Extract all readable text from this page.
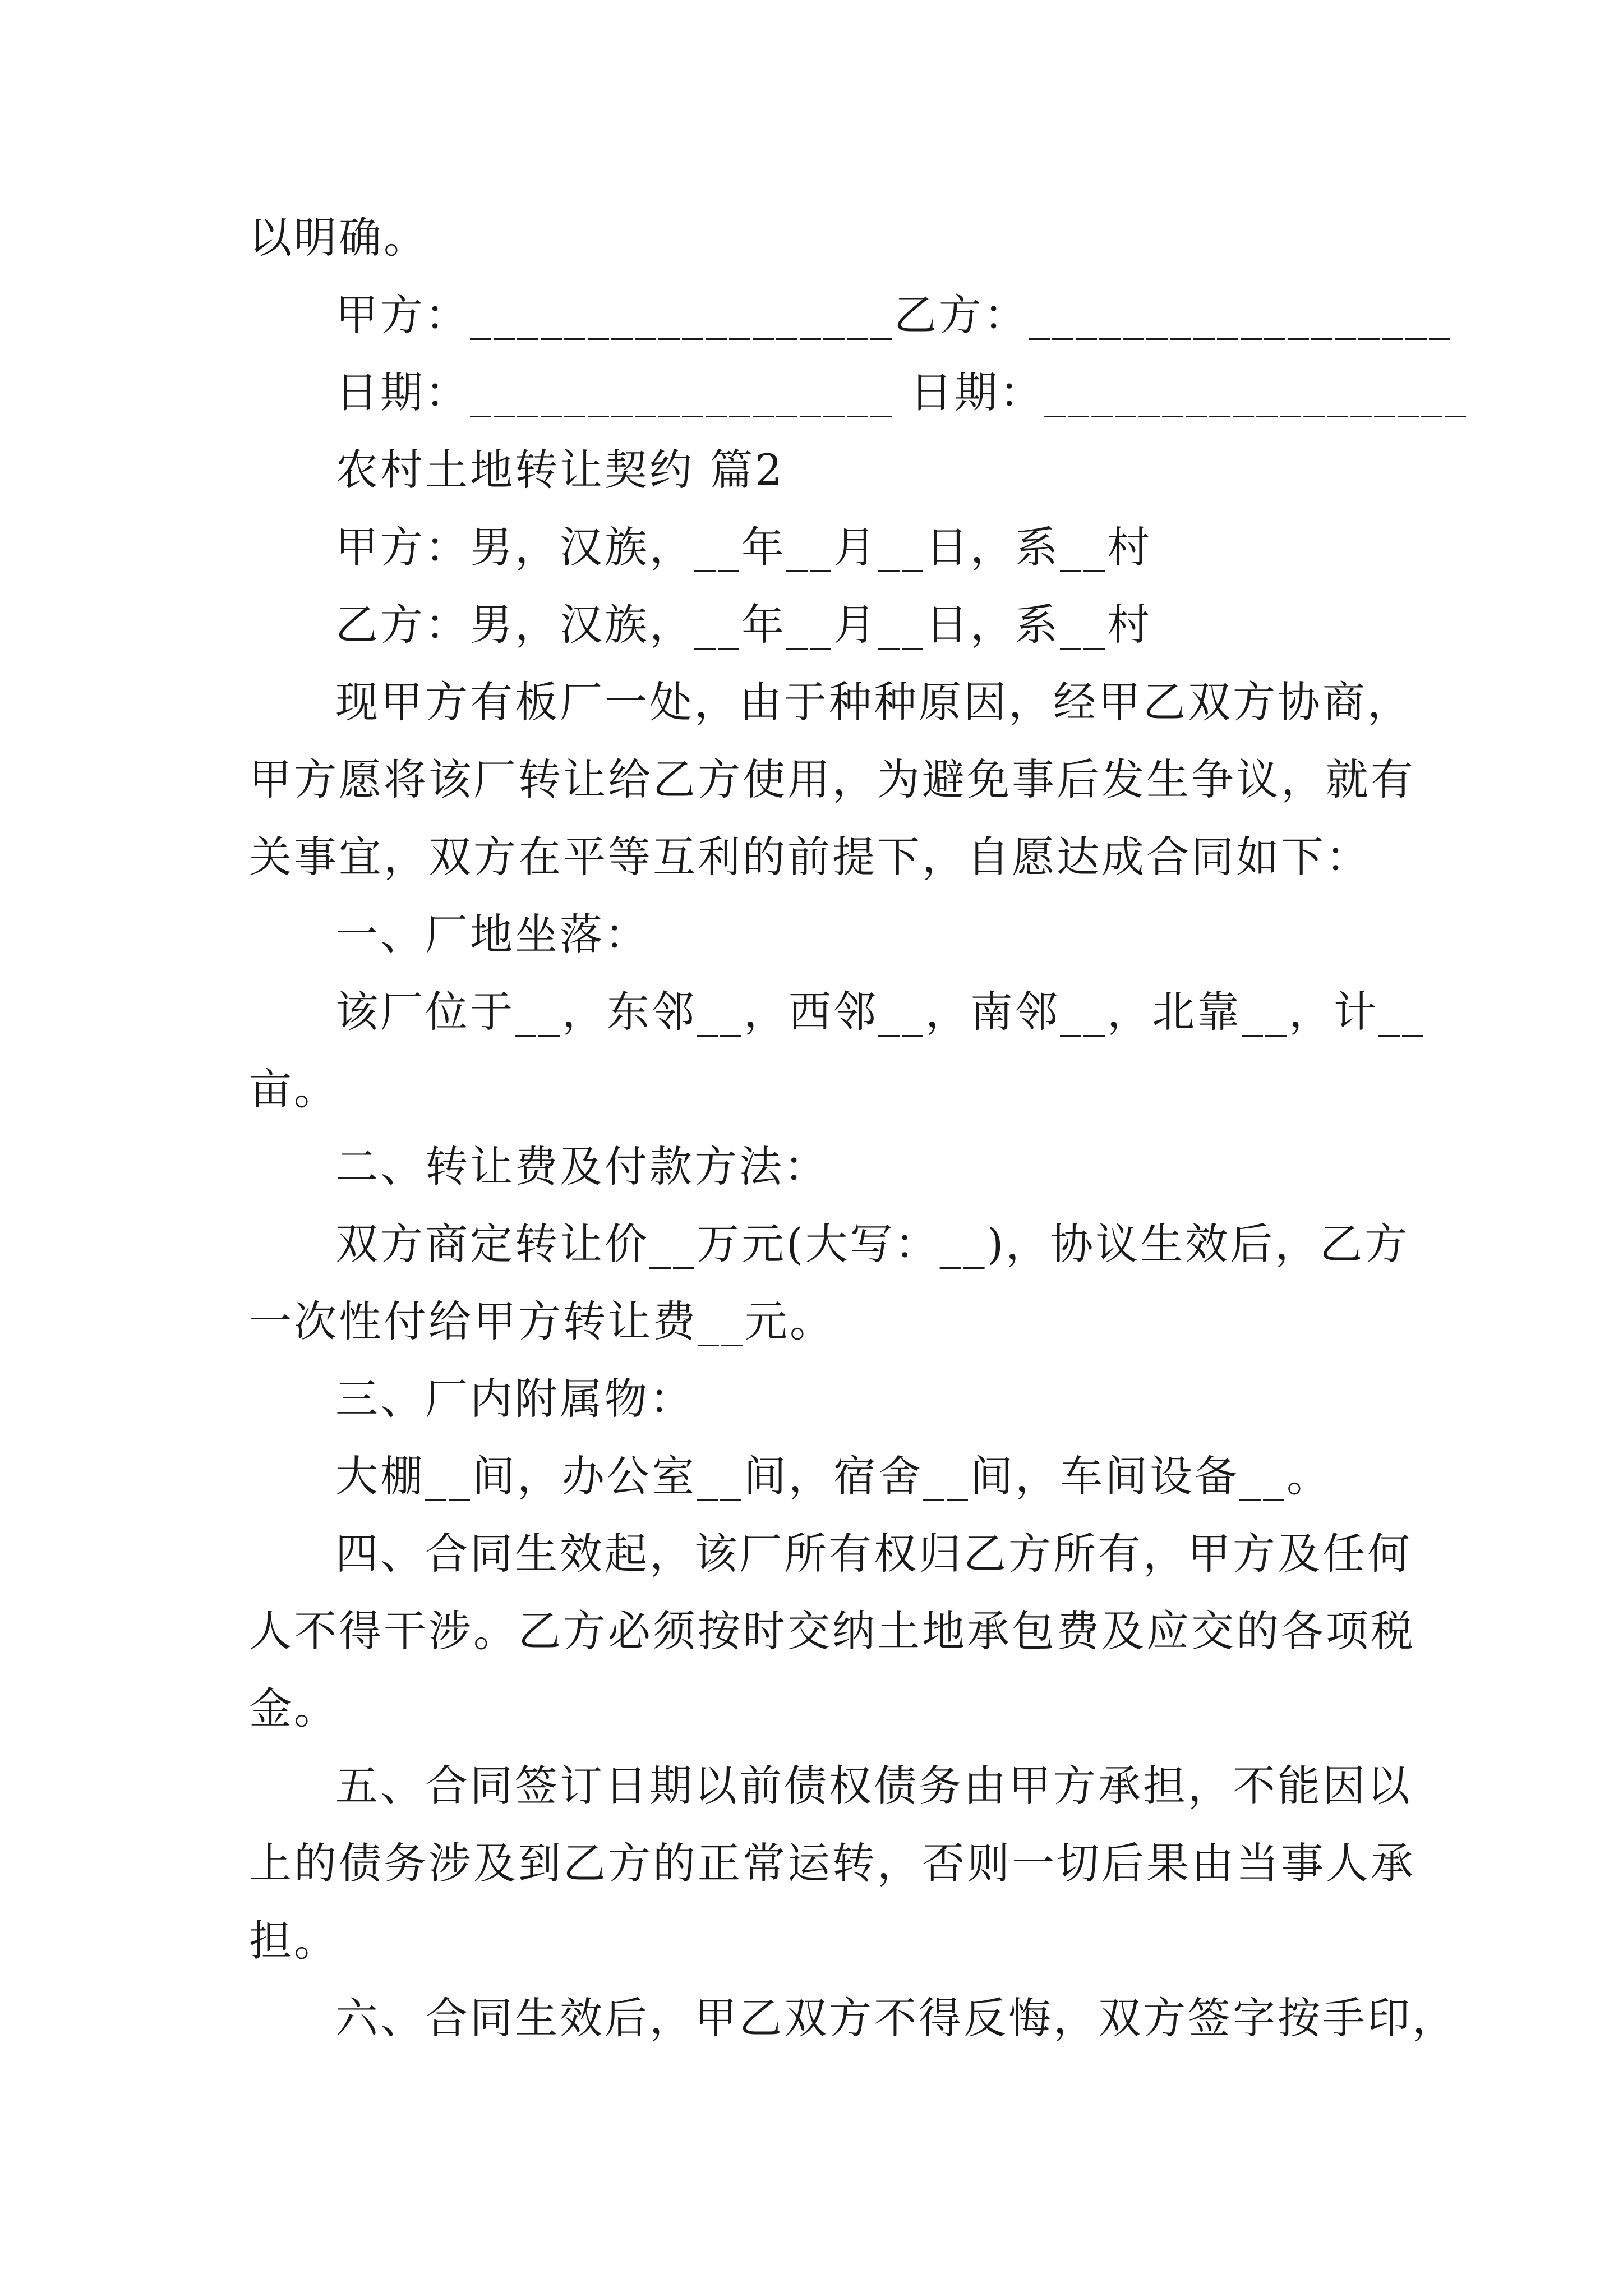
以明确。
甲方：__________________乙方：__________________
日期：__________________ 日期：__________________
农村土地转让契约 篇2
甲方：男，汉族，__年__月__日，系__村
乙方：男，汉族，__年__月__日，系__村
现甲方有板厂一处，由于种种原因，经甲乙双方协商，
甲方愿将该厂转让给乙方使用，为避免事后发生争议，就有
关事宜，双方在平等互利的前提下，自愿达成合同如下：
一、厂地坐落：
该厂位于__，东邻__，西邻__，南邻__，北靠__，计__
亩。
二、转让费及付款方法：
双方商定转让价__万元(大写：__)，协议生效后，乙方
一次性付给甲方转让费__元。
三、厂内附属物：
大棚__间，办公室__间，宿舍__间，车间设备__。
四、合同生效起，该厂所有权归乙方所有，甲方及任何
人不得干涉。乙方必须按时交纳土地承包费及应交的各项税
金。
五、合同签订日期以前债权债务由甲方承担，不能因以
上的债务涉及到乙方的正常运转，否则一切后果由当事人承
担。
六、合同生效后，甲乙双方不得反悔，双方签字按手印，
